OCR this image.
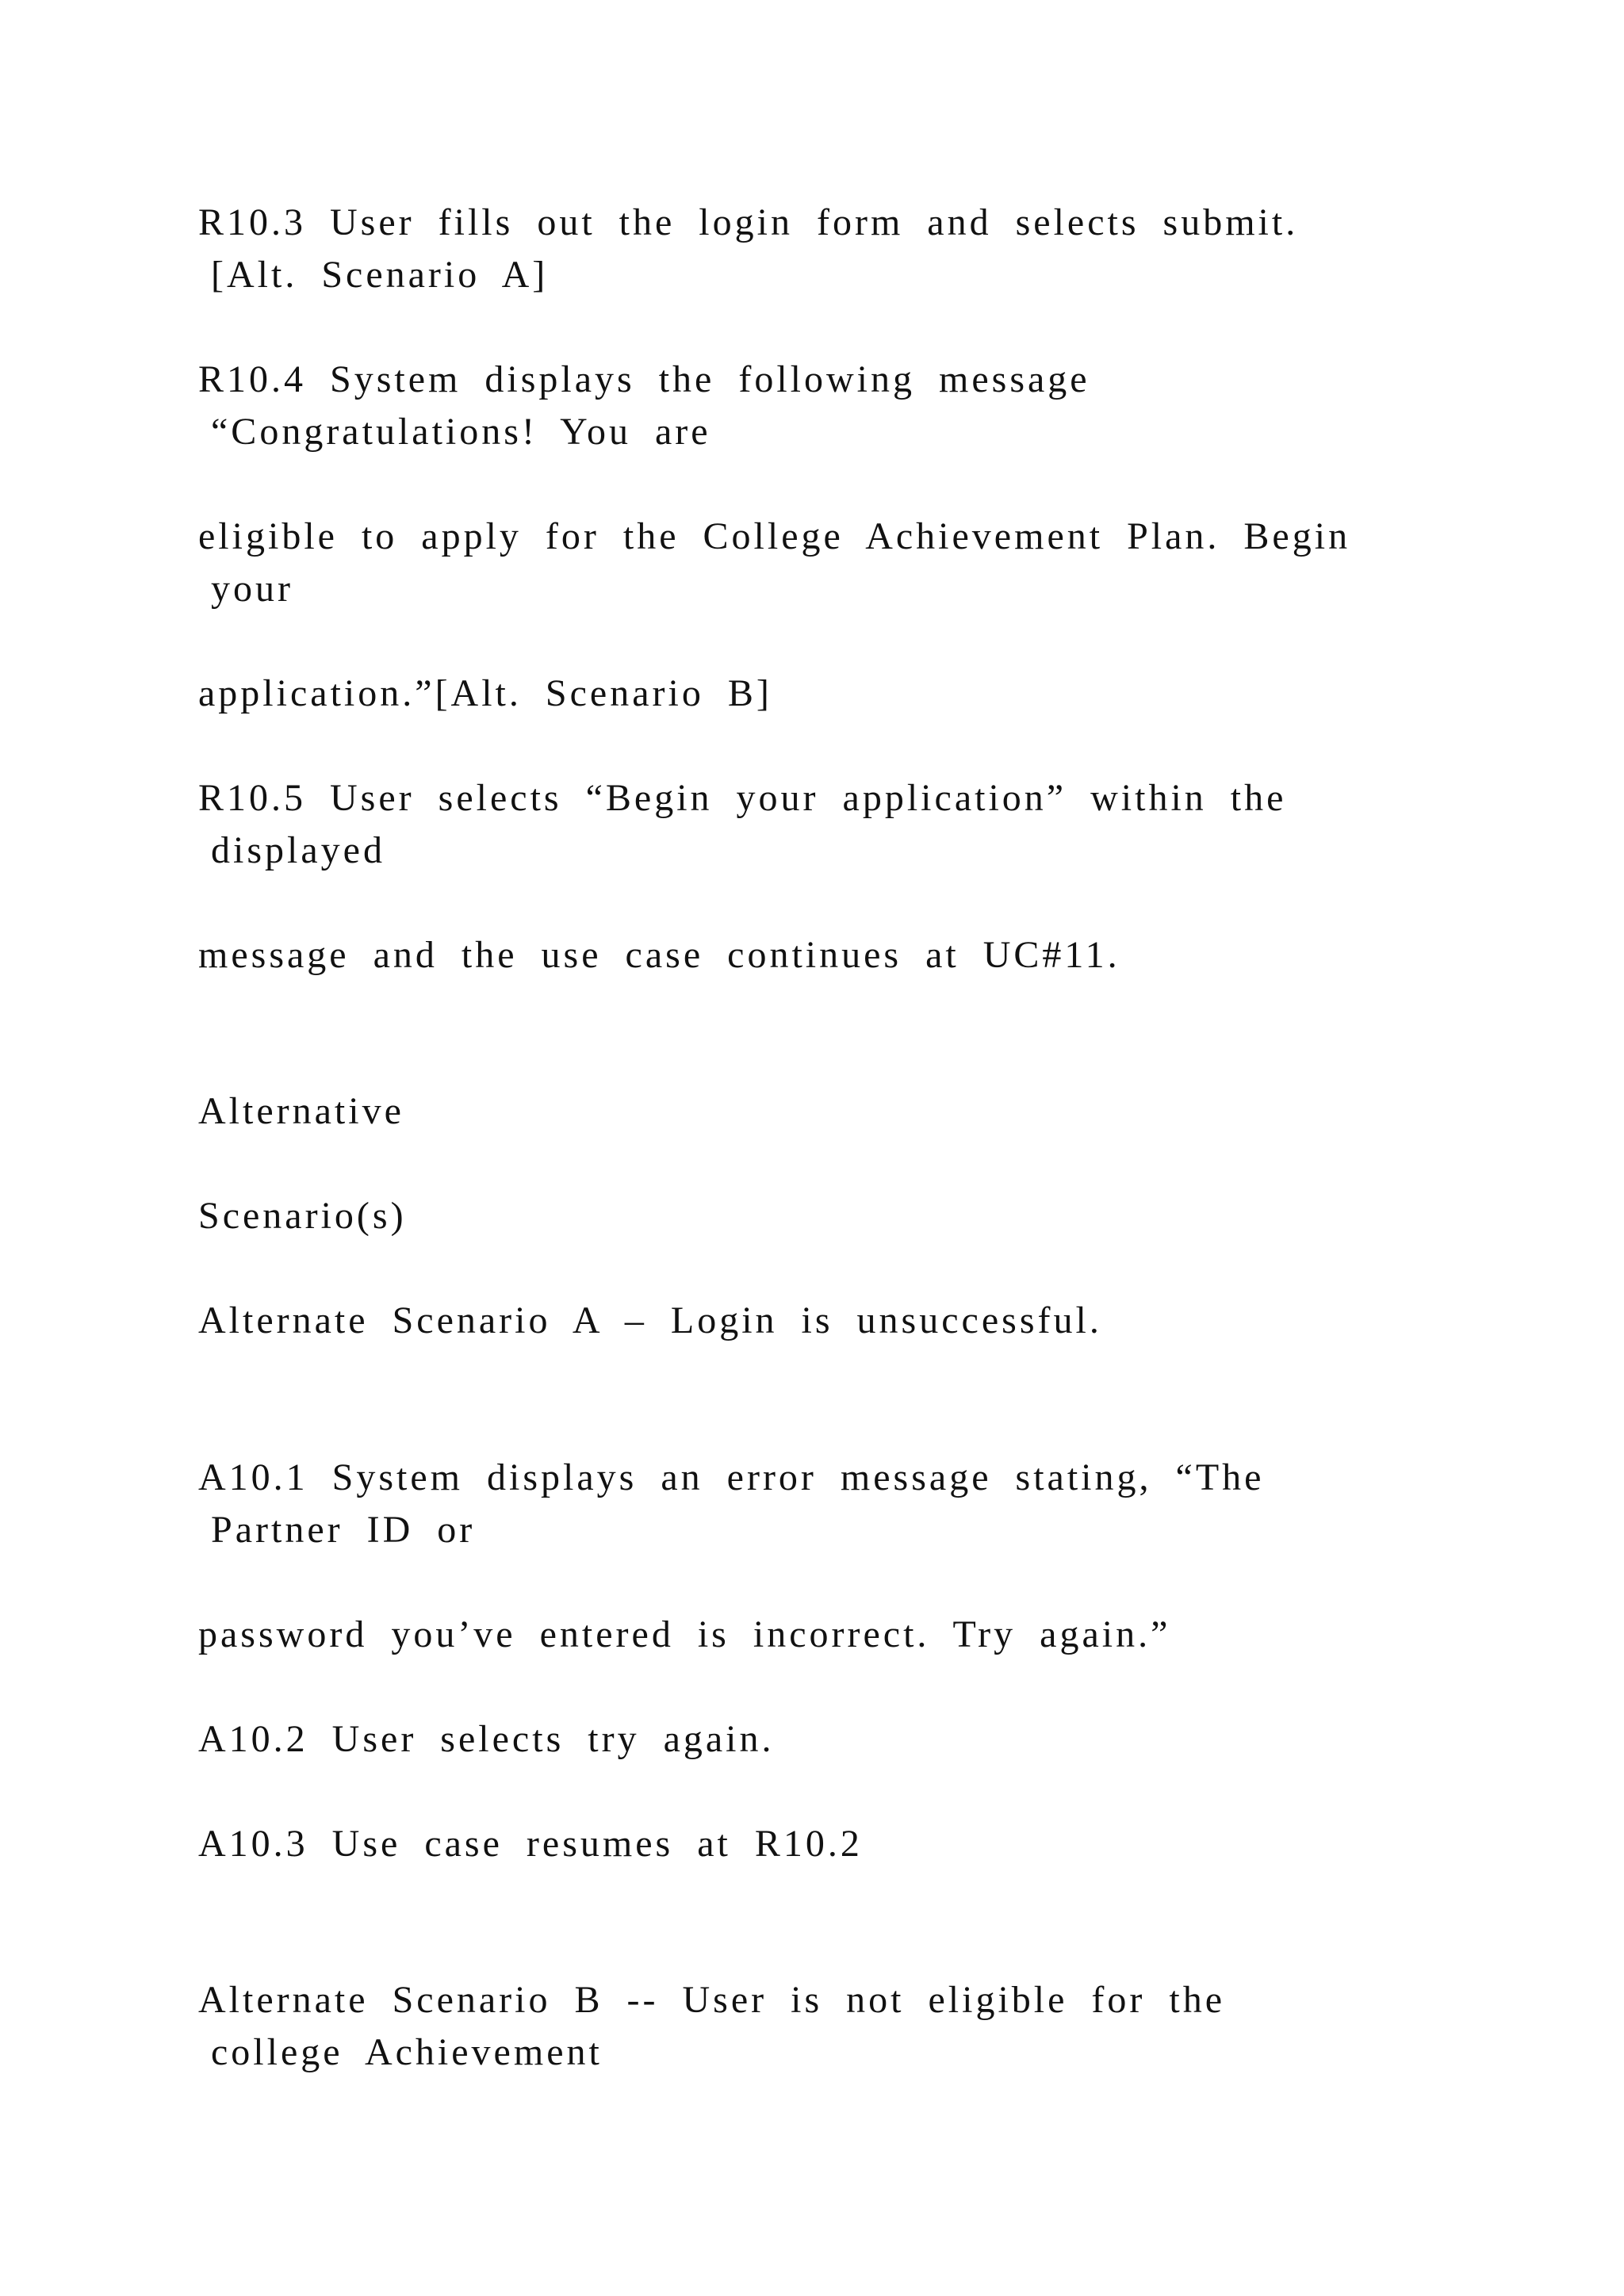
R10.3 User fills out the login form and selects submit.

[Alt. Scenario A]

R10.4 System displays the following message

“Congratulations! You are

eligible to apply for the College Achievement Plan. Begin

your

application.”[Alt. Scenario B]

R10.5 User selects “Begin your application” within the

displayed

message and the use case continues at UC#11.

Alternative

Scenario(s)

Alternate Scenario A – Login is unsuccessful.

A10.1 System displays an error message stating, “The

Partner ID or

password you’ve entered is incorrect. Try again.”

A10.2 User selects try again.

A10.3 Use case resumes at R10.2

Alternate Scenario B -- User is not eligible for the

college Achievement
